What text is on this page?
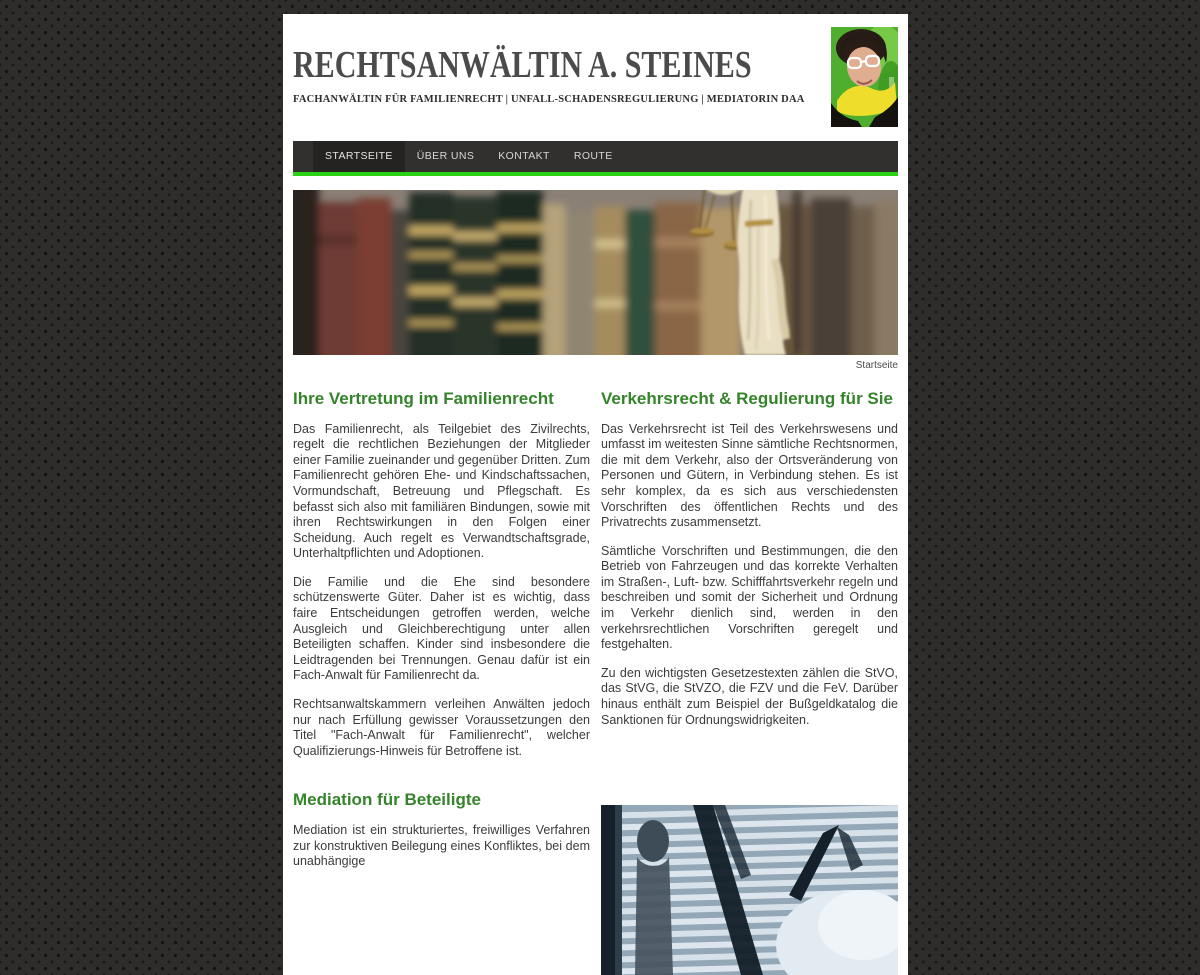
RECHTSANWÄLTIN A. STEINES
FACHANWÄLTIN FÜR FAMILIENRECHT | UNFALL-SCHADENSREGULIERUNG | MEDIATORIN DAA
STARTSEITE	ÜBER UNS	KONTAKT	ROUTE
Startseite
Ihre Vertretung im Familienrecht

Das Familienrecht, als Teilgebiet des Zivilrechts, regelt die rechtlichen Beziehungen der Mitglieder einer Familie zueinander und gegenüber Dritten. Zum Familienrecht gehören Ehe- und Kindschaftssachen, Vormundschaft, Betreuung und Pflegschaft. Es befasst sich also mit familiären Bindungen, sowie mit ihren Rechtswirkungen in den Folgen einer Scheidung. Auch regelt es Verwandtschaftsgrade, Unterhaltpflichten und Adoptionen.

Die Familie und die Ehe sind besondere schützenswerte Güter. Daher ist es wichtig, dass faire Entscheidungen getroffen werden, welche Ausgleich und Gleichberechtigung unter allen Beteiligten schaffen. Kinder sind insbesondere die Leidtragenden bei Trennungen. Genau dafür ist ein Fach-Anwalt für Familienrecht da.

Rechtsanwaltskammern verleihen Anwälten jedoch nur nach Erfüllung gewisser Voraussetzungen den Titel "Fach-Anwalt für Familienrecht", welcher Qualifizierungs-Hinweis für Betroffene ist.

Verkehrsrecht & Regulierung für Sie

Das Verkehrsrecht ist Teil des Verkehrswesens und umfasst im weitesten Sinne sämtliche Rechtsnormen, die mit dem Verkehr, also der Ortsveränderung von Personen und Gütern, in Verbindung stehen. Es ist sehr komplex, da es sich aus verschiedensten Vorschriften des öffentlichen Rechts und des Privatrechts zusammensetzt.

Sämtliche Vorschriften und Bestimmungen, die den Betrieb von Fahrzeugen und das korrekte Verhalten im Straßen-, Luft- bzw. Schifffahrtsverkehr regeln und beschreiben und somit der Sicherheit und Ordnung im Verkehr dienlich sind, werden in den verkehrsrechtlichen Vorschriften geregelt und festgehalten.

Zu den wichtigsten Gesetzestexten zählen die StVO, das StVG, die StVZO, die FZV und die FeV. Darüber hinaus enthält zum Beispiel der Bußgeldkatalog die Sanktionen für Ordnungswidrigkeiten.

Mediation für Beteiligte

Mediation ist ein strukturiertes, freiwilliges Verfahren zur konstruktiven Beilegung eines Konfliktes, bei dem unabhängige
